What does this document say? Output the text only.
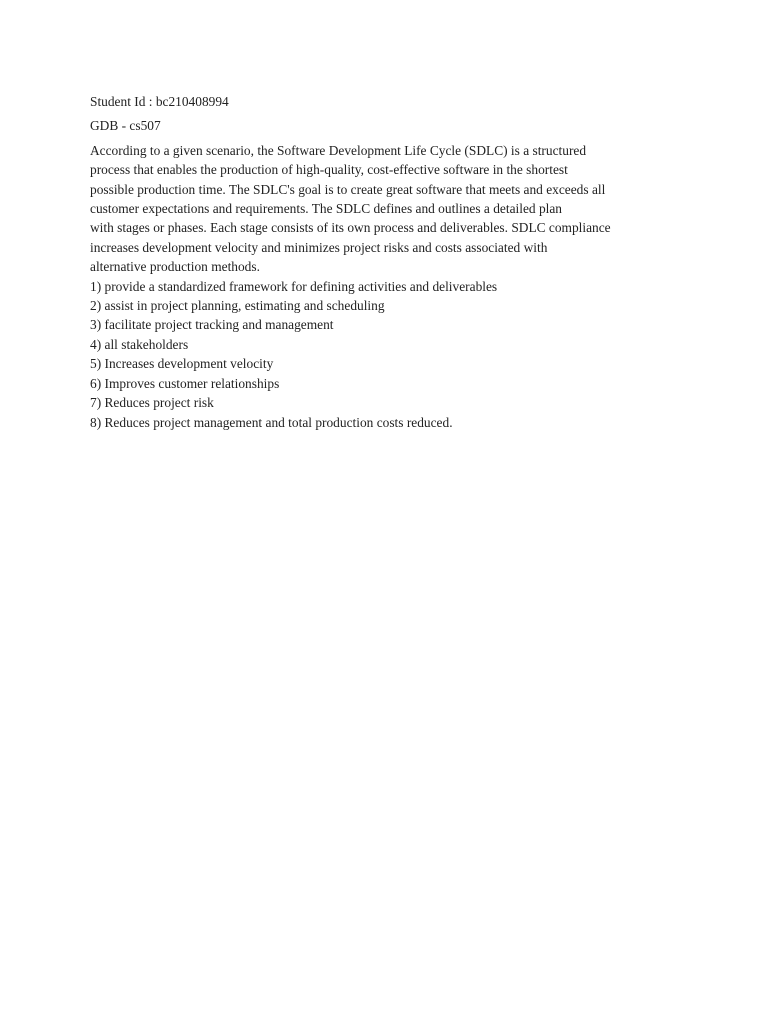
Student Id : bc210408994
GDB - cs507
According to a given scenario, the Software Development Life Cycle (SDLC) is a structured
process that enables the production of high-quality, cost-effective software in the shortest
possible production time. The SDLC's goal is to create great software that meets and exceeds all
customer expectations and requirements. The SDLC defines and outlines a detailed plan
with stages or phases. Each stage consists of its own process and deliverables. SDLC compliance
increases development velocity and minimizes project risks and costs associated with
alternative production methods.
1) provide a standardized framework for defining activities and deliverables
2) assist in project planning, estimating and scheduling
3) facilitate project tracking and management
4) all stakeholders
5) Increases development velocity
6) Improves customer relationships
7) Reduces project risk
8) Reduces project management and total production costs reduced.
